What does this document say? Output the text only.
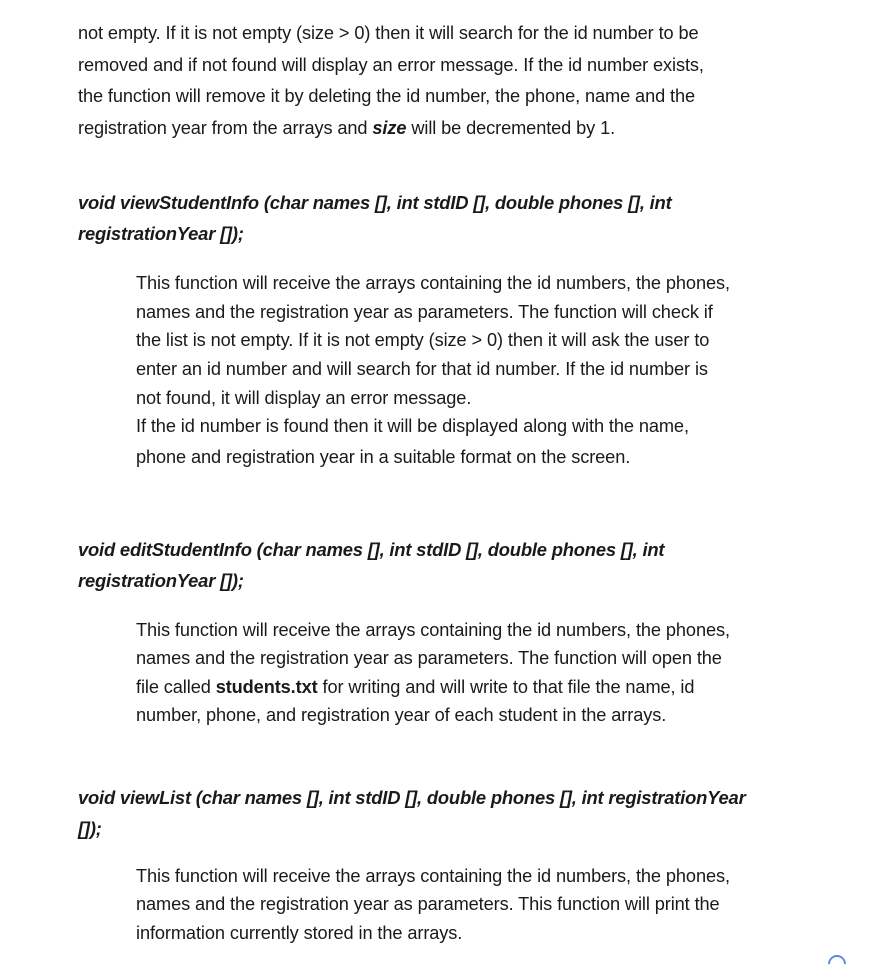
not empty. If it is not empty (size > 0) then it will search for the id number to be
removed and if not found will display an error message. If the id number exists,
the function will remove it by deleting the id number, the phone, name and the
registration year from the arrays and size will be decremented by 1.
void viewStudentInfo (char names [], int stdID [], double phones [], int
registrationYear []);
This function will receive the arrays containing the id numbers, the phones,
names and the registration year as parameters. The function will check if
the list is not empty. If it is not empty (size > 0) then it will ask the user to
enter an id number and will search for that id number. If the id number is
not found, it will display an error message.
If the id number is found then it will be displayed along with the name,
phone and registration year in a suitable format on the screen.
void editStudentInfo (char names [], int stdID [], double phones [], int
registrationYear []);
This function will receive the arrays containing the id numbers, the phones,
names and the registration year as parameters. The function will open the
file called students.txt for writing and will write to that file the name, id
number, phone, and registration year of each student in the arrays.
void viewList (char names [], int stdID [], double phones [], int registrationYear
[]);
This function will receive the arrays containing the id numbers, the phones,
names and the registration year as parameters. This function will print the
information currently stored in the arrays.
